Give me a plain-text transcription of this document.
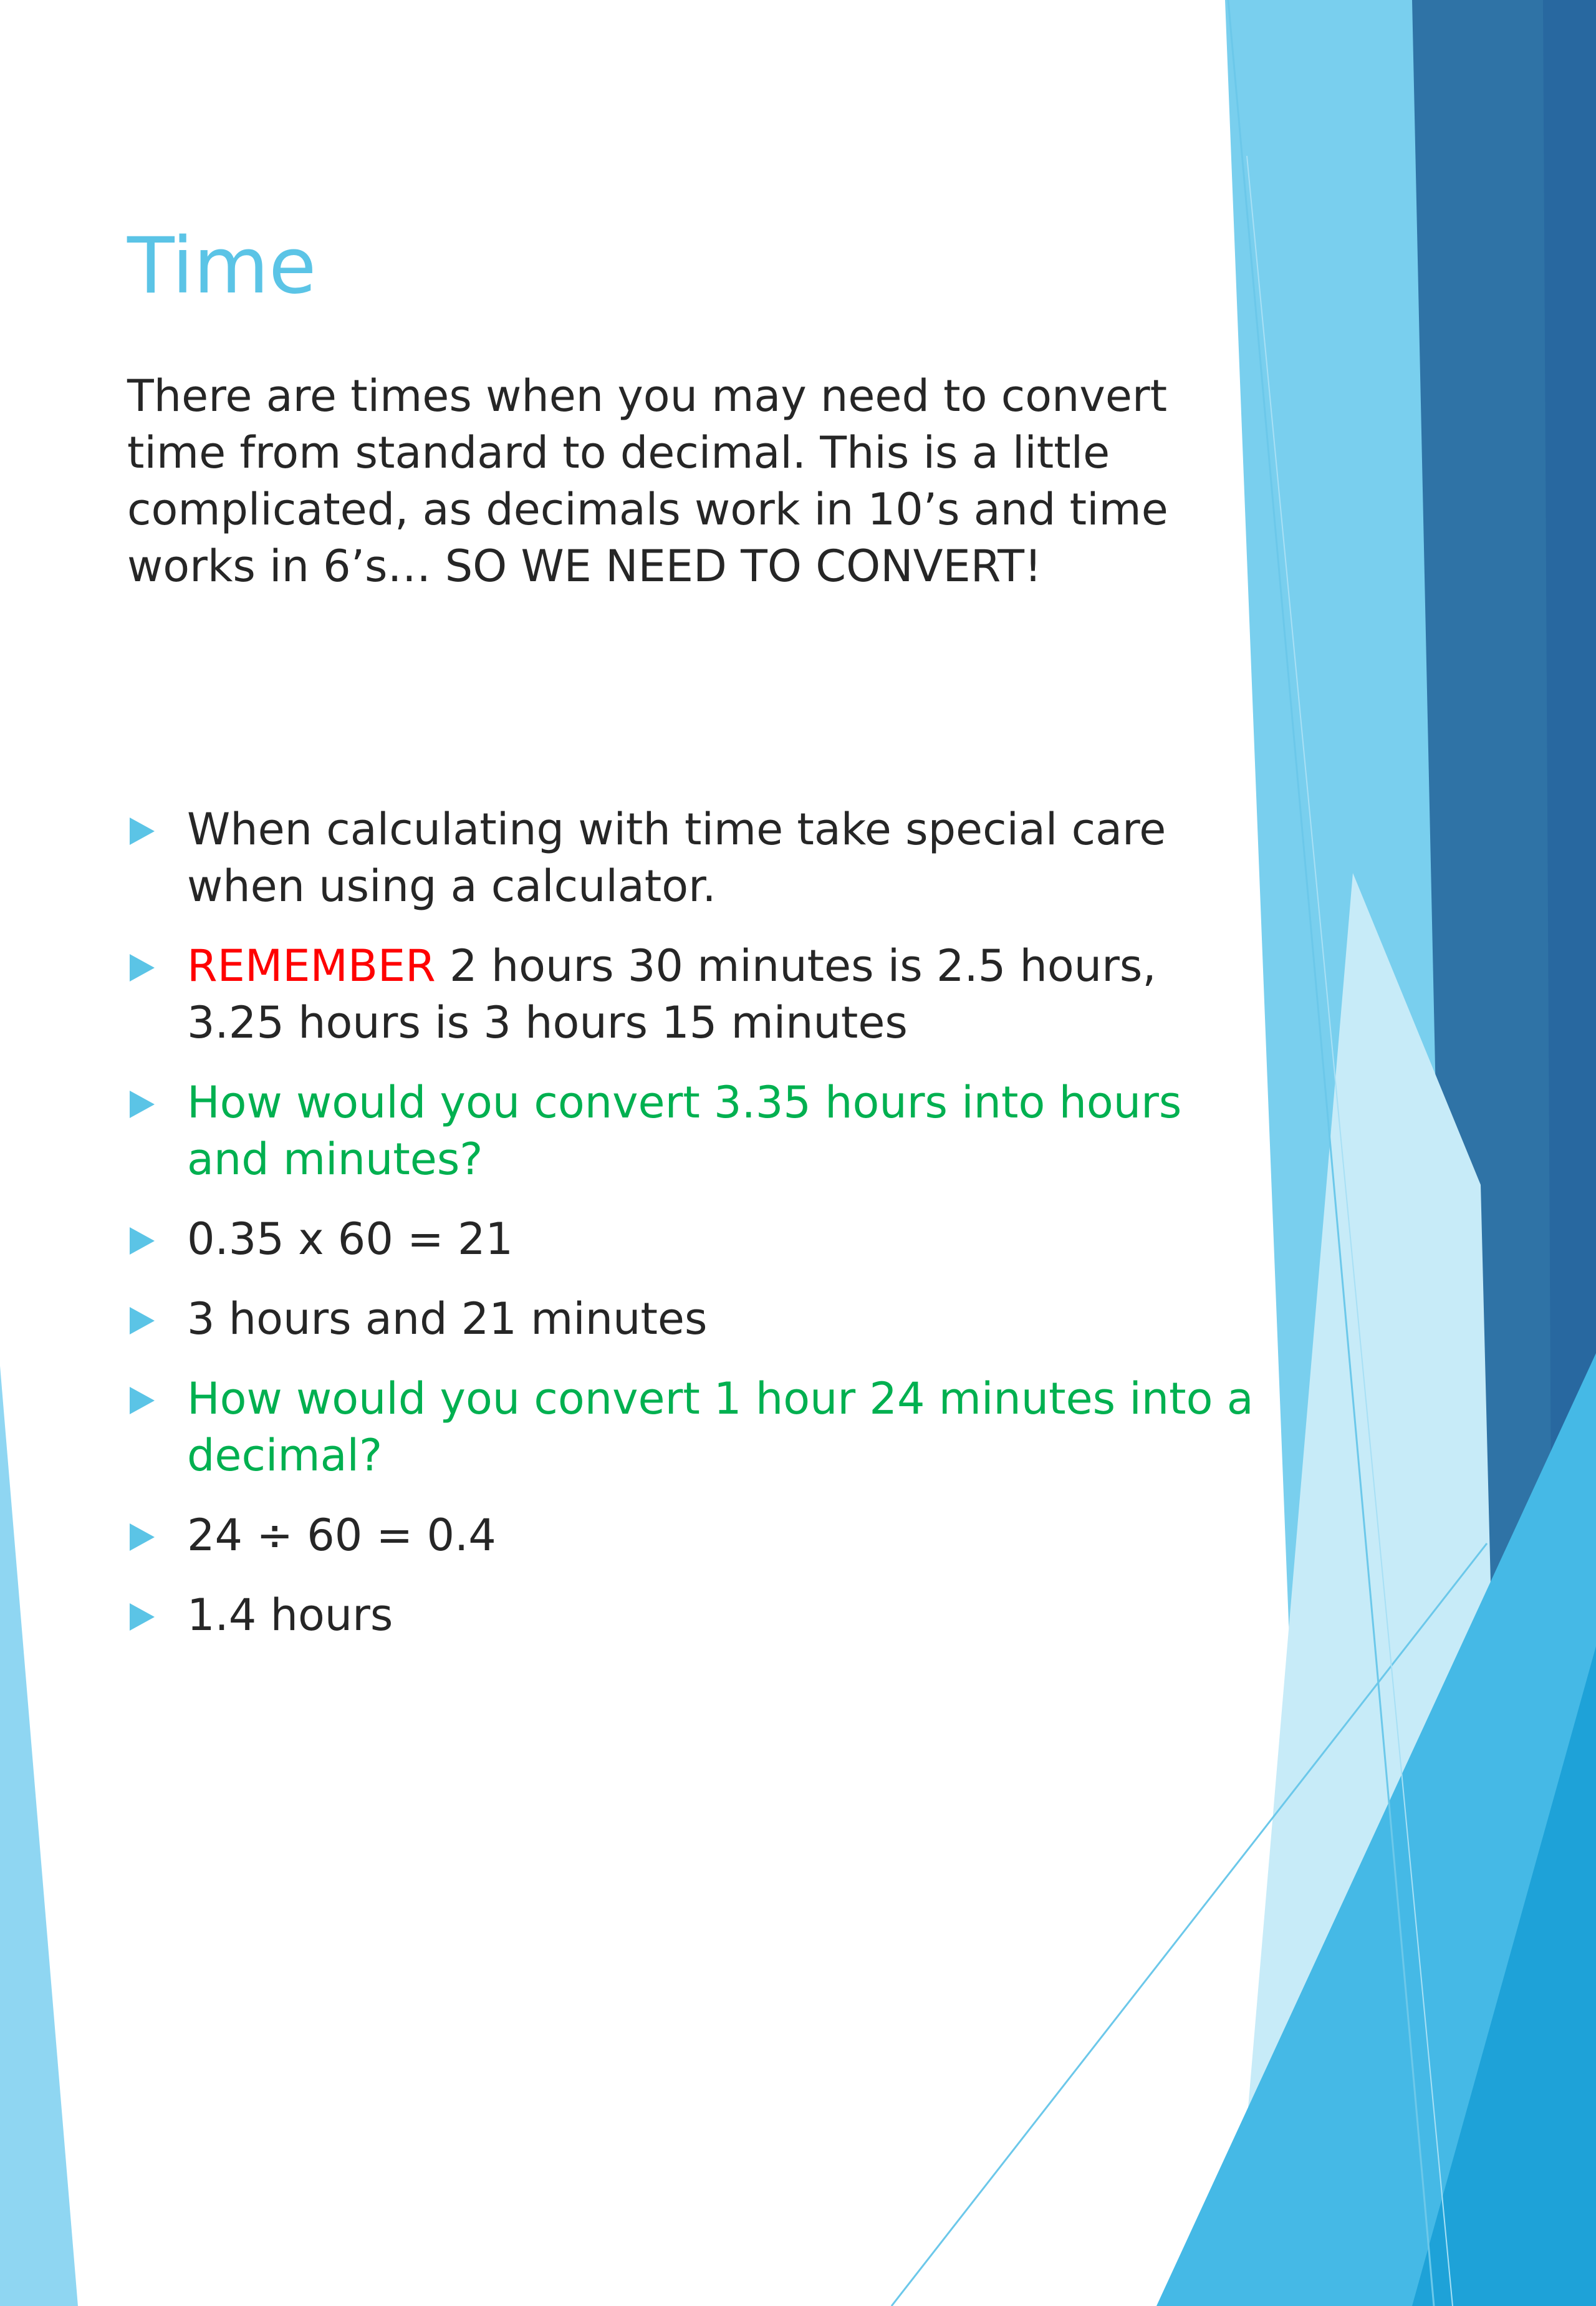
Time

There are times when you may need to convert time from standard to decimal. This is a little complicated, as decimals work in 10’s and time works in 6’s… SO WE NEED TO CONVERT!

When calculating with time take special care when using a calculator.
REMEMBER 2 hours 30 minutes is 2.5 hours, 3.25 hours is 3 hours 15 minutes
How would you convert 3.35 hours into hours and minutes?
0.35 x 60 = 21
3 hours and 21 minutes
How would you convert 1 hour 24 minutes into a decimal?
24 ÷ 60 = 0.4
1.4 hours
